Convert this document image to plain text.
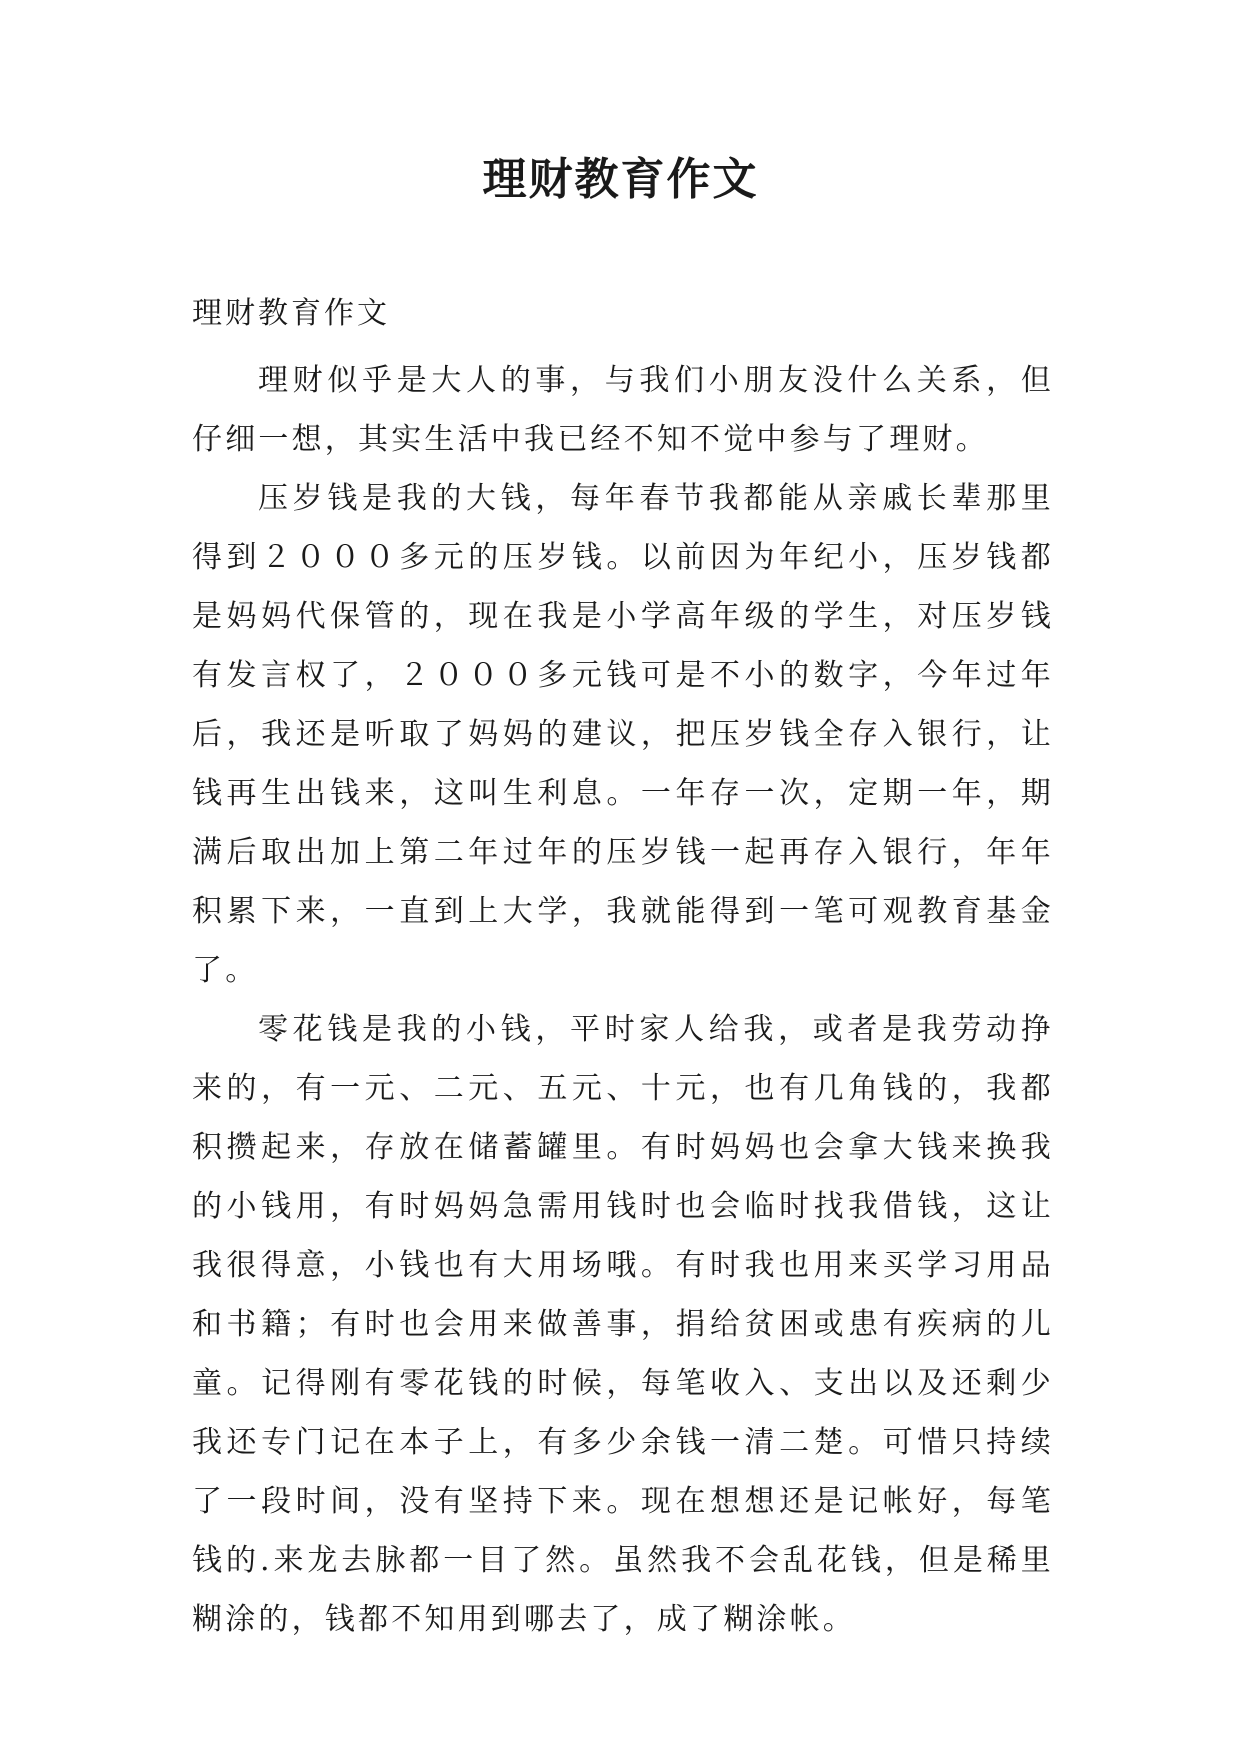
理财教育作文

理财教育作文

理财似乎是大人的事，与我们小朋友没什么关系，但仔细一想，其实生活中我已经不知不觉中参与了理财。

压岁钱是我的大钱，每年春节我都能从亲戚长辈那里得到２０００多元的压岁钱。以前因为年纪小，压岁钱都是妈妈代保管的，现在我是小学高年级的学生，对压岁钱有发言权了，２０００多元钱可是不小的数字，今年过年后，我还是听取了妈妈的建议，把压岁钱全存入银行，让钱再生出钱来，这叫生利息。一年存一次，定期一年，期满后取出加上第二年过年的压岁钱一起再存入银行，年年积累下来，一直到上大学，我就能得到一笔可观教育基金了。

零花钱是我的小钱，平时家人给我，或者是我劳动挣来的，有一元、二元、五元、十元，也有几角钱的，我都积攒起来，存放在储蓄罐里。有时妈妈也会拿大钱来换我的小钱用，有时妈妈急需用钱时也会临时找我借钱，这让我很得意，小钱也有大用场哦。有时我也用来买学习用品和书籍；有时也会用来做善事，捐给贫困或患有疾病的儿童。记得刚有零花钱的时候，每笔收入、支出以及还剩少我还专门记在本子上，有多少余钱一清二楚。可惜只持续了一段时间，没有坚持下来。现在想想还是记帐好，每笔钱的.来龙去脉都一目了然。虽然我不会乱花钱，但是稀里糊涂的，钱都不知用到哪去了，成了糊涂帐。
